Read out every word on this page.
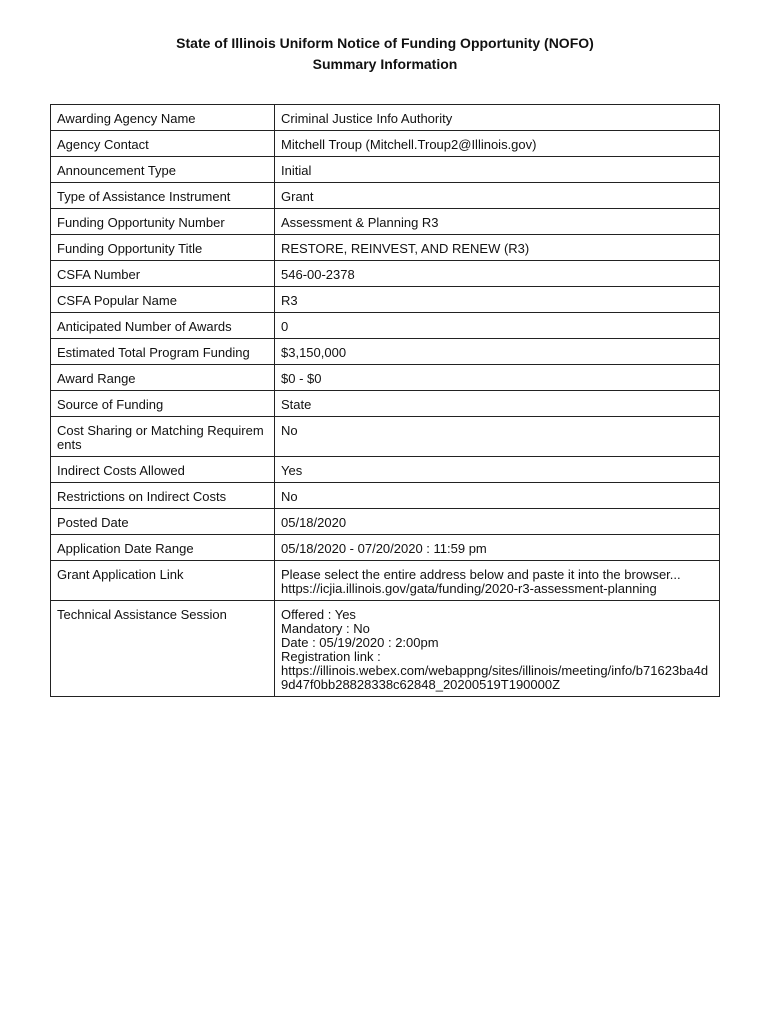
State of Illinois Uniform Notice of Funding Opportunity (NOFO)
Summary Information
Awarding Agency Name	Criminal Justice Info Authority
Agency Contact	Mitchell Troup (Mitchell.Troup2@Illinois.gov)
Announcement Type	Initial
Type of Assistance Instrument	Grant
Funding Opportunity Number	Assessment & Planning R3
Funding Opportunity Title	RESTORE, REINVEST, AND RENEW (R3)
CSFA Number	546-00-2378
CSFA Popular Name	R3
Anticipated Number of Awards	0
Estimated Total Program Funding	$3,150,000
Award Range	$0 - $0
Source of Funding	State
Cost Sharing or Matching Requirements	No
Indirect Costs Allowed	Yes
Restrictions on Indirect Costs	No
Posted Date	05/18/2020
Application Date Range	05/18/2020 - 07/20/2020 : 11:59 pm
Grant Application Link	Please select the entire address below and paste it into the browser...
https://icjia.illinois.gov/gata/funding/2020-r3-assessment-planning
Technical Assistance Session	Offered : Yes
Mandatory : No
Date : 05/19/2020 : 2:00pm
Registration link :
https://illinois.webex.com/webappng/sites/illinois/meeting/info/b71623ba4d9d47f0bb28828338c62848_20200519T190000Z
